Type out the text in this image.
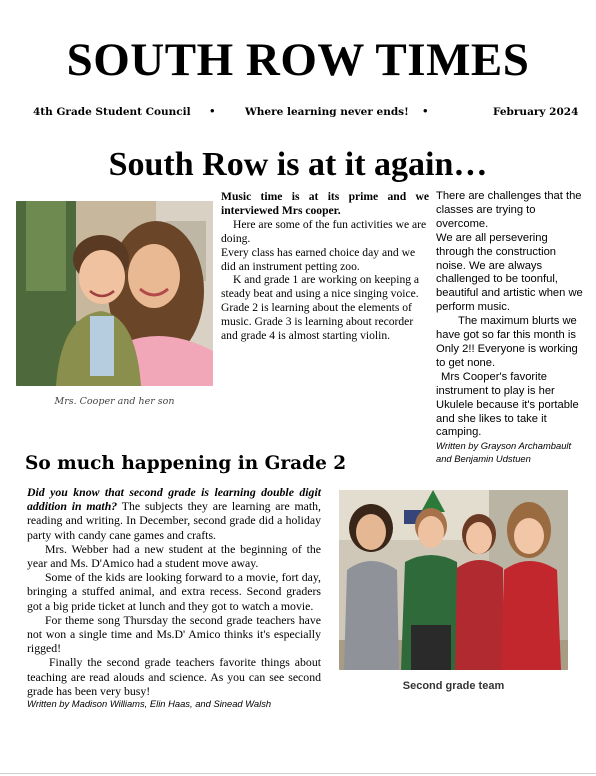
SOUTH ROW TIMES
4th Grade Student Council •	Where learning never ends! •	February 2024
South Row is at it again…
Mrs. Cooper and her son

Music time is at its prime and we interviewed Mrs cooper.

Here are some of the fun activities we are doing.

Every class has earned choice day and we did an instrument petting zoo.

K and grade 1 are working on keeping a steady beat and using a nice singing voice. Grade 2 is learning about the elements of music. Grade 3 is learning about recorder and grade 4 is almost starting violin.

There are challenges that the classes are trying to overcome.

We are all persevering through the construction noise. We are always challenged to be toonful, beautiful and artistic when we perform music.

The maximum blurts we have got so far this month is Only 2!! Everyone is working to get none.

Mrs Cooper's favorite instrument to play is her Ukulele because it's portable and she likes to take it camping.

Written by Grayson Archambault and Benjamin Udstuen

So much happening in Grade 2

Did you know that second grade is learning double digit addition in math? The subjects they are learning are math, reading and writing. In December, second grade did a holiday party with candy cane games and crafts.

Mrs. Webber had a new student at the beginning of the year and Ms. D'Amico had a student move away.

Some of the kids are looking forward to a movie, fort day, bringing a stuffed animal, and extra recess. Second graders got a big pride ticket at lunch and they got to watch a movie.

For theme song Thursday the second grade teachers have not won a single time and Ms.D' Amico thinks it's especially rigged!

Finally the second grade teachers favorite things about teaching are read alouds and science. As you can see second grade has been very busy!

Written by Madison Williams, Elin Haas, and Sinead Walsh

Second grade team
